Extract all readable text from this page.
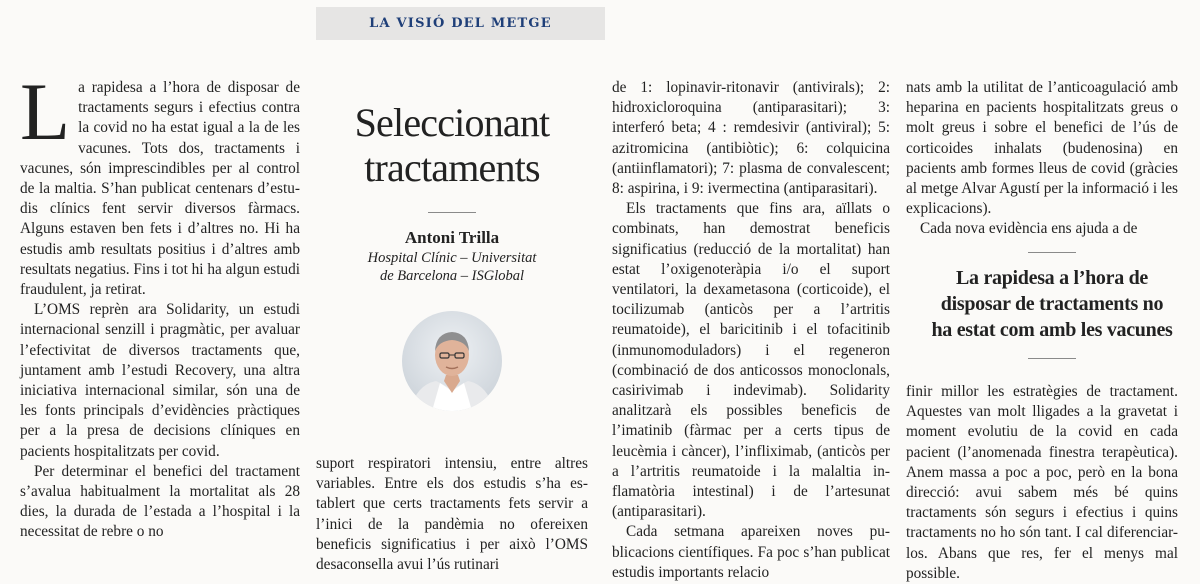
LA VISIÓ DEL METGE

La rapidesa a l’hora de disposar de tractaments segurs i efectius contra la covid no ha estat igual a la de les vacunes. Tots dos, tractaments i vacunes, són imprescindibles per al control de la maltia. S’han publicat centenars d’estudis clínics fent servir diversos fàrmacs. Alguns estaven ben fets i d’altres no. Hi ha estudis amb resultats positius i d’altres amb resultats negatius. Fins i tot hi ha algun estudi fraudulent, ja retirat.

L’OMS reprèn ara Solidarity, un estudi internacional senzill i pragmàtic, per avaluar l’efectivitat de diversos tractaments que, juntament amb l’estudi Recovery, una altra iniciativa internacional similar, són una de les fonts principals d’evidències pràctiques per a la presa de decisions clíniques en pacients hospitalitzats per covid.

Per determinar el benefici del tractament s’avalua habitualment la mortalitat als 28 dies, la durada de l’estada a l’hospital i la necessitat de rebre o no

Seleccionant
tractaments
Antoni Trilla
Hospital Clínic – Universitat
de Barcelona – ISGlobal

suport respiratori intensiu, entre altres variables. Entre els dos estudis s’ha establert que certs tractaments fets servir a l’inici de la pandèmia no ofereixen beneficis significatius i per això l’OMS desaconsella avui l’ús rutinari

de 1: lopinavir-ritonavir (antivirals); 2: hidroxicloroquina (antiparasitari); 3: interferó beta; 4 : remdesivir (antiviral); 5: azitromicina (antibiòtic); 6: colquicina (antiinflamatori); 7: plasma de convalescent; 8: aspirina, i 9: ivermectina (antiparasitari).

Els tractaments que fins ara, aïllats o combinats, han demostrat beneficis significatius (reducció de la mortalitat) han estat l’oxigenoteràpia i/o el suport ventilatori, la dexametasona (corticoide), el tocilizumab (anticòs per a l’artritis reumatoide), el baricitinib i el tofacitinib (inmunomoduladors) i el regeneron (combinació de dos anticossos monoclonals, casirivimab i indevimab). Solidarity analitzarà els possibles beneficis de l’imatinib (fàrmac per a certs tipus de leucèmia i càncer), l’infliximab, (anticòs per a l’artritis reumatoide i la malaltia inflamatòria intestinal) i de l’artesunat (antiparasitari).

Cada setmana apareixen noves publicacions científiques. Fa poc s’han publicat estudis importants relacio

nats amb la utilitat de l’anticoagulació amb heparina en pacients hospitalitzats greus o molt greus i sobre el benefici de l’ús de corticoides inhalats (budenosina) en pacients amb formes lleus de covid (gràcies al metge Alvar Agustí per la informació i les explicacions).

Cada nova evidència ens ajuda a de

La rapidesa a l’hora de
disposar de tractaments no
ha estat com amb les vacunes

finir millor les estratègies de tractament. Aquestes van molt lligades a la gravetat i moment evolutiu de la covid en cada pacient (l’anomenada finestra terapèutica). Anem massa a poc a poc, però en la bona direcció: avui sabem més bé quins tractaments són segurs i efectius i quins tractaments no ho són tant. I cal diferenciar-los. Abans que res, fer el menys mal possible.
